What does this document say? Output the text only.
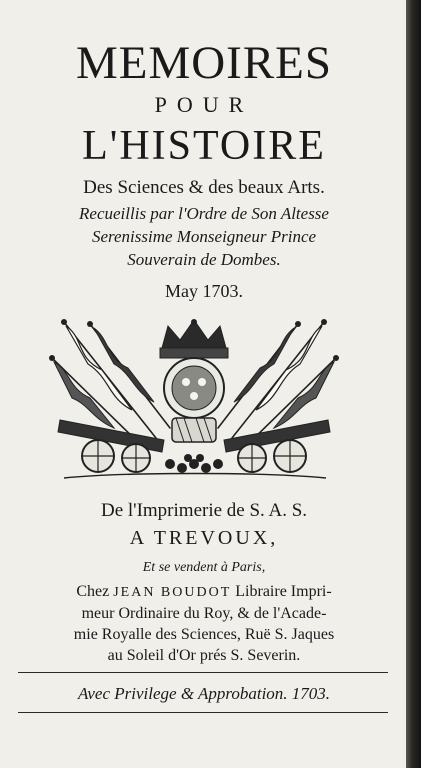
MEMOIRES
POUR
L'HISTOIRE
Des Sciences & des beaux Arts.
Recueillis par l'Ordre de Son Altesse
Serenissime Monseigneur Prince
Souverain de Dombes.
May 1703.
De l'Imprimerie de S. A. S.
A TREVOUX,
Et se vendent à Paris,
Chez JEAN BOUDOT Libraire Impri-
meur Ordinaire du Roy, & de l'Acade-
mie Royalle des Sciences, Ruë S. Jaques
au Soleil d'Or prés S. Severin.
Avec Privilege & Approbation. 1703.
